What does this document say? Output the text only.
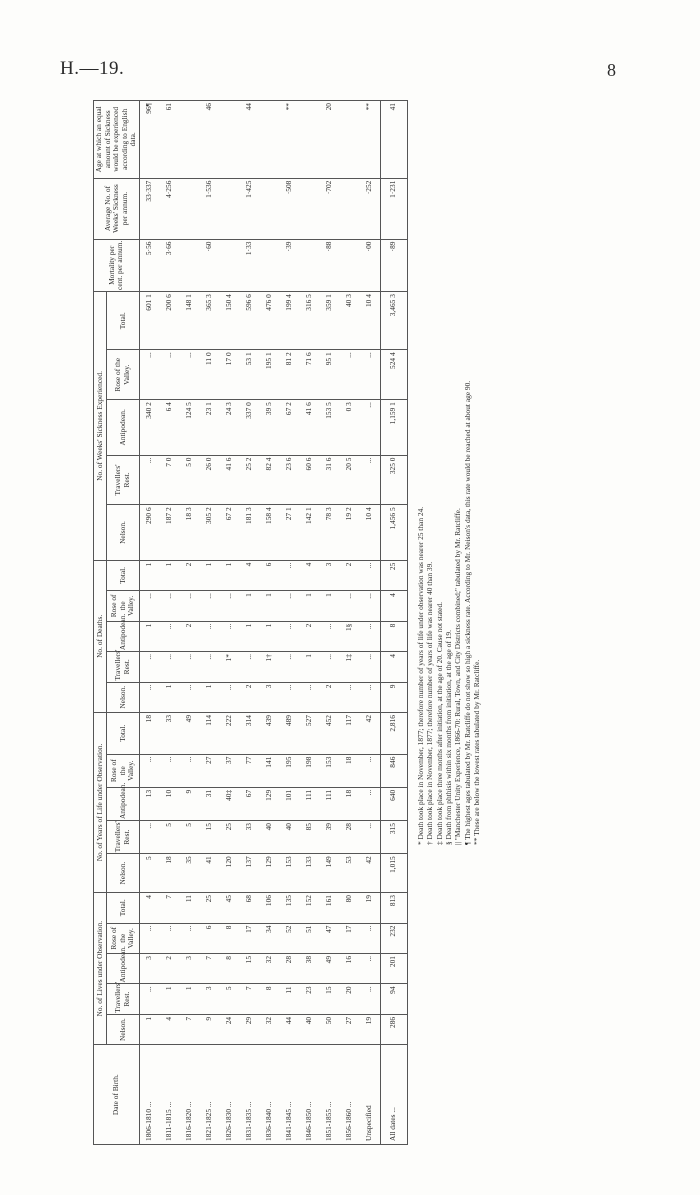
H.—19.	8
Date of Birth.	No. of Lives under Observation.					No. of Years of Life under Observation.					No. of Deaths.					No. of Weeks' Sickness Experienced.					Mortality per cent. per annum.	Average No. of Weeks' Sickness per annum.	Age at which an equal amount of Sickness would be experienced according to English data.
	Nelson.	Travellers' Rest.	Antipodean.	Rose of the Valley.	Total.	Nelson.	Travellers' Rest.	Antipodean.	Rose of the Valley.	Total.	Nelson.	Travellers' Rest.	Antipodean.	Rose of the Valley.	Total.	Nelson.	Travellers' Rest.	Antipodean.	Rose of the Valley.	Total.			
1806-1810 ...	1	...	3	...	4	5	...	13	...	18	...	...	1	...	1	290 6	...	340 2	...	601 1	5·56	33·337	96¶
1811-1815 ...	4	1	2	...	7	18	5	10	...	33	1	...	...	...	1	187 2	7 0	6 4	...	200 6	3·66	4·256	61
1816-1820 ...	7	1	3	...	11	35	5	9	...	49	...	...	2	...	2	18 3	5 0	124 5	...	148 1			
1821-1825 ...	9	3	7	6	25	41	15	31	27	114	1	...	...	...	1	305 2	26 0	23 1	11 0	365 3	·60	1·536	46
1826-1830 ...	24	5	8	8	45	120	25	40‡	37	222	...	1*	...	...	1	67 2	41 6	24 3	17 0	150 4			
1831-1835 ...	29	7	15	17	68	137	33	67	77	314	2	...	1	1	4	181 3	25 2	337 0	53 1	596 6	1·33	1·425	44
1836-1840 ...	32	8	32	34	106	129	40	129	141	439	3	1†	1	1	6	158 4	82 4	39 5	195 1	476 0			
1841-1845 ...	44	11	28	52	135	153	40	101	195	489	...	...	...	...	...	27 1	23 6	67 2	81 2	199 4	·39	·508	**
1846-1850 ...	40	23	38	51	152	133	85	111	198	527	...	1	2	1	4	142 1	60 6	41 6	71 6	316 5			
1851-1855 ...	50	15	49	47	161	149	39	111	153	452	2	...	...	1	3	78 3	31 6	153 5	95 1	359 1	·88	·702	20
1856-1860 ...	27	20	16	17	80	53	28	18	18	117	...	1‡	1§	...	2	19 2	20 5	0 3	...	40 3			
Unspecified	19	...	...	...	19	42	...	...	...	42	...	...	...	...	...	10 4	...	...	...	10 4	·00	·252	**
All dates ...	286	94	201	232	813	1,015	315	640	846	2,816	9	4	8	4	25	1,456 5	325 0	1,159 1	524 4	3,465 3	·89	1·231	41
* Death took place in November, 1877; therefore number of years of life under observation was nearer 25 than 24. † Death took place in November, 1877; therefore number of years of life was nearer 40 than 39. ‡ Death took place three months after initiation, at the age of 20. Cause not stated. § Death from phthisis within six months from initiation, at the age of 19. || "Manchester Unity Experience, 1866-70: Rural, Town, and City Districts combined;" tabulated by Mr. Ratcliffe. ¶ The highest ages tabulated by Mr. Ratcliffe do not show so high a sickness rate. According to Mr. Neison's data, this rate would be reached at about age 90. ** These are below the lowest rates tabulated by Mr. Ratcliffe.
